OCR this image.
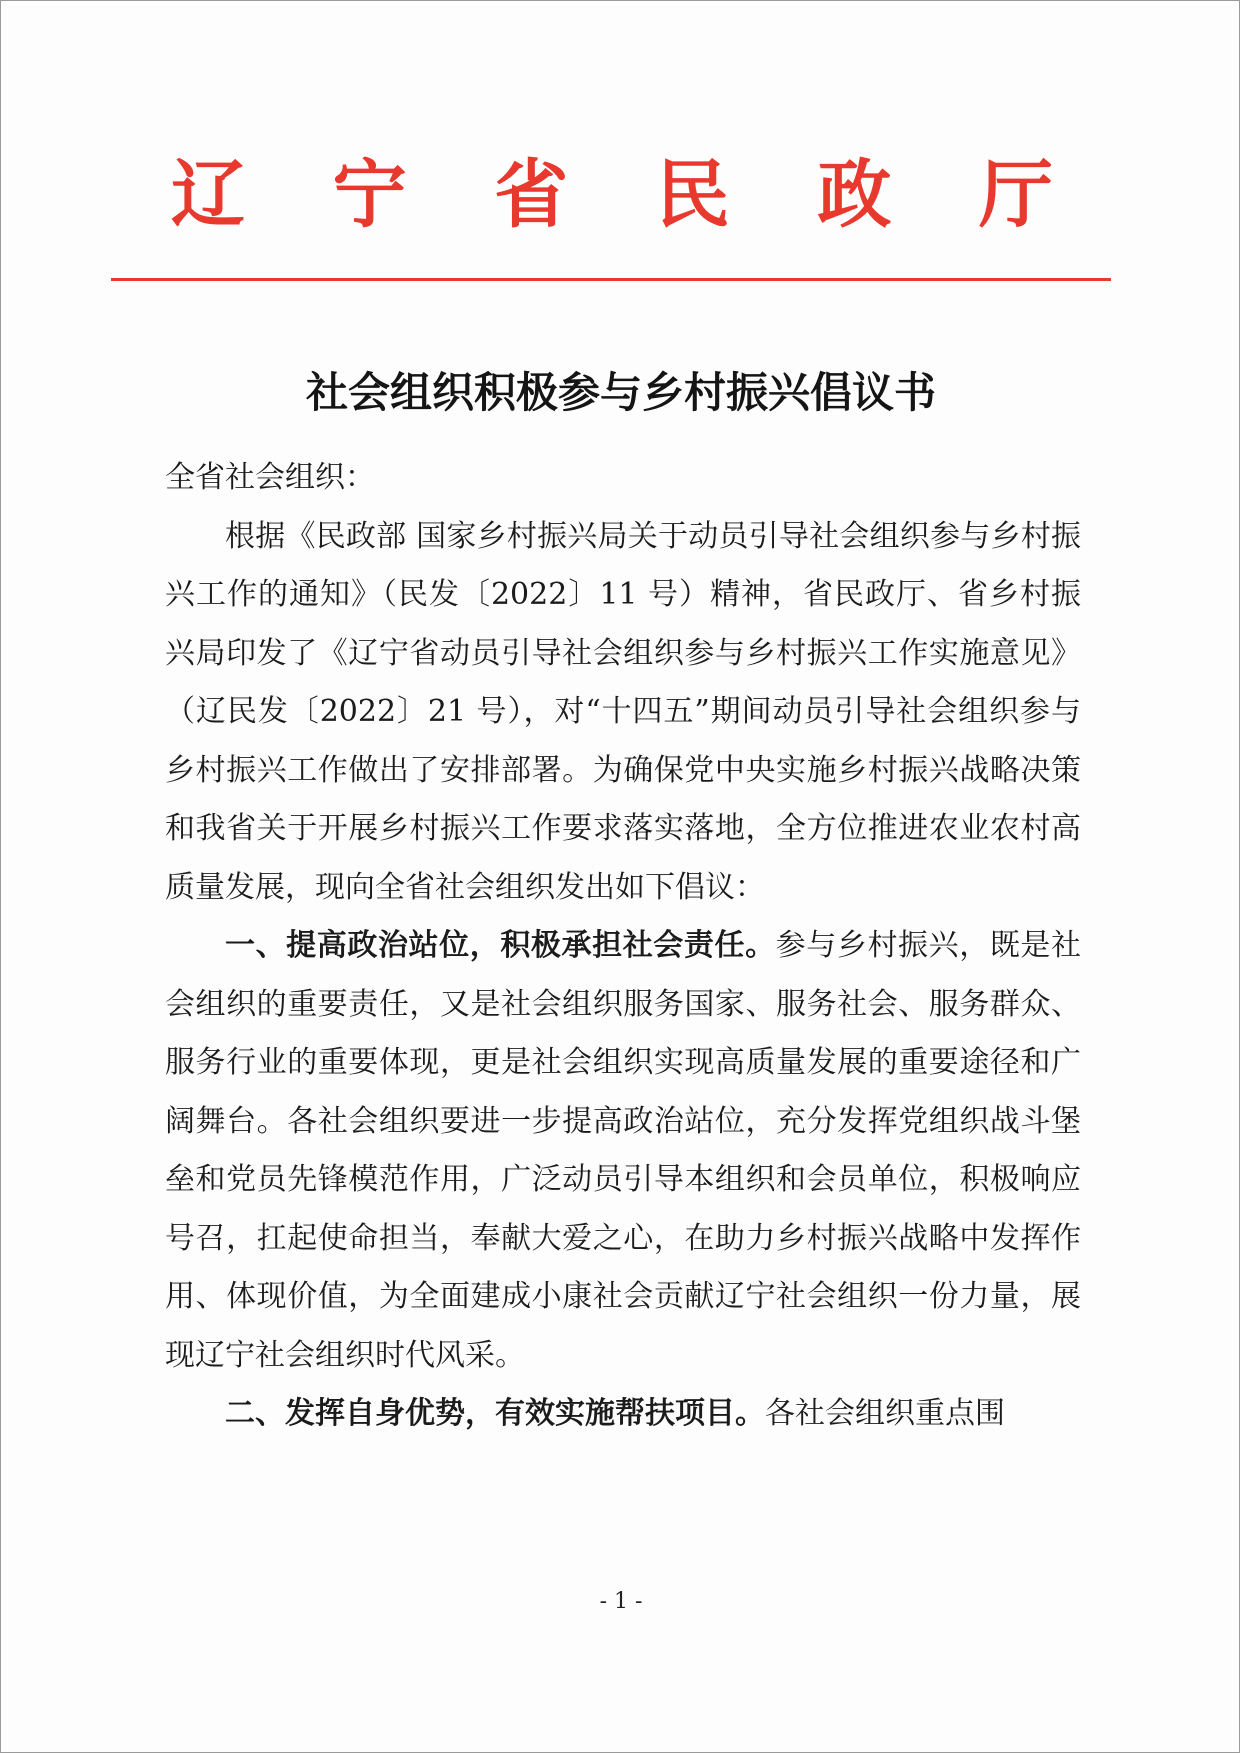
辽 宁 省 民 政 厅
社会组织积极参与乡村振兴倡议书

全省社会组织：

根据《民政部 国家乡村振兴局关于动员引导社会组织参与乡村振兴工作的通知》（民发〔2022〕11 号）精神，省民政厅、省乡村振兴局印发了《辽宁省动员引导社会组织参与乡村振兴工作实施意见》（辽民发〔2022〕21 号），对“十四五”期间动员引导社会组织参与乡村振兴工作做出了安排部署。为确保党中央实施乡村振兴战略决策和我省关于开展乡村振兴工作要求落实落地，全方位推进农业农村高质量发展，现向全省社会组织发出如下倡议：

一、提高政治站位，积极承担社会责任。参与乡村振兴，既是社会组织的重要责任，又是社会组织服务国家、服务社会、服务群众、服务行业的重要体现，更是社会组织实现高质量发展的重要途径和广阔舞台。各社会组织要进一步提高政治站位，充分发挥党组织战斗堡垒和党员先锋模范作用，广泛动员引导本组织和会员单位，积极响应号召，扛起使命担当，奉献大爱之心，在助力乡村振兴战略中发挥作用、体现价值，为全面建成小康社会贡献辽宁社会组织一份力量，展现辽宁社会组织时代风采。

二、发挥自身优势，有效实施帮扶项目。各社会组织重点围

- 1 -
